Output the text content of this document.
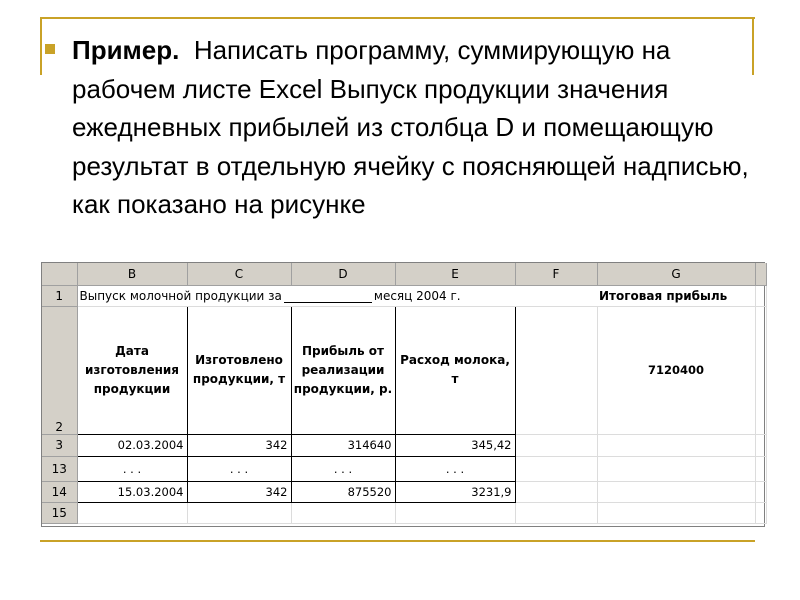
Пример. Написать программу, суммирующую на рабочем листе Excel Выпуск продукции значения ежедневных прибылей из столбца D и помещающую результат в отдельную ячейку с поясняющей надписью, как показано на рисунке
	B	C	D	E	F	G	
1	Выпуск молочной продукции за месяц 2004 г.					Итоговая прибыль	
2	Дата изготовления продукции	Изготовлено продукции, т	Прибыль от реализации продукции, р.	Расход молока, т		7120400	
3	02.03.2004	342	314640	345,42			
13	. . .	. . .	. . .	. . .			
14	15.03.2004	342	875520	3231,9			
15							
